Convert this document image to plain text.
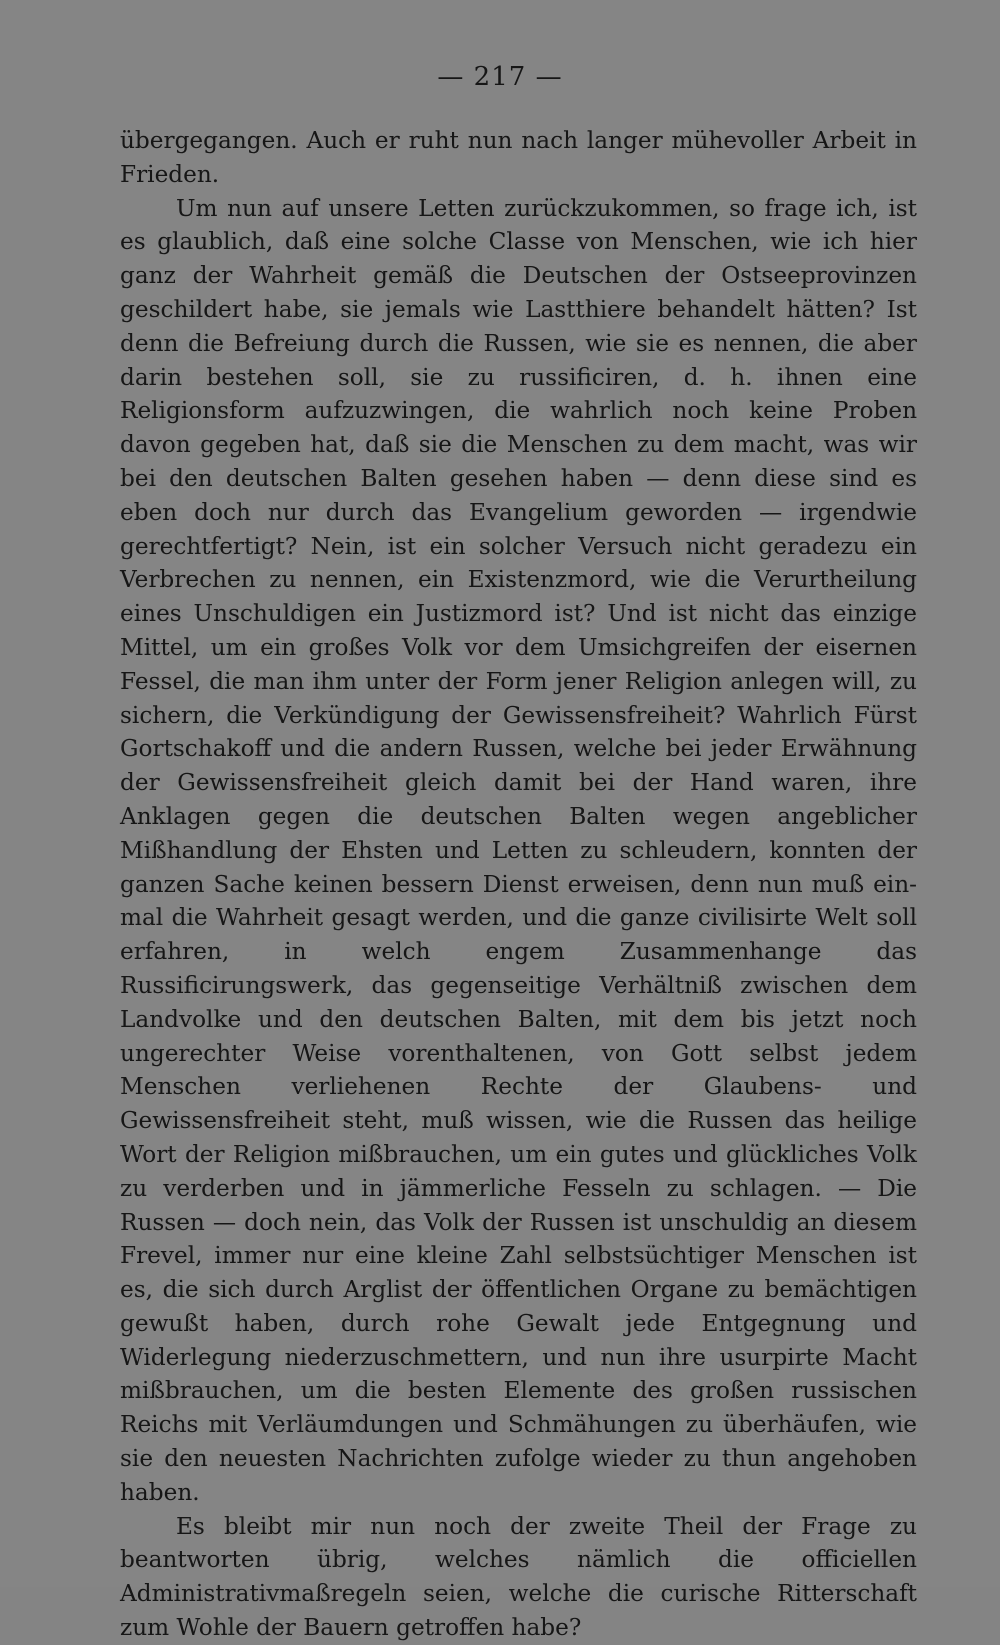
— 217 —

übergegangen. Auch er ruht nun nach langer mühevoller Arbeit in Frieden.

Um nun auf unsere Letten zurückzukommen, so frage ich, ist es glaublich, daß eine solche Classe von Menschen, wie ich hier ganz der Wahrheit gemäß die Deutschen der Ostseeprovinzen geschildert habe, sie jemals wie Lastthiere behandelt hätten? Ist denn die Befreiung durch die Russen, wie sie es nennen, die aber darin bestehen soll, sie zu russificiren, d. h. ihnen eine Religionsform aufzuzwingen, die wahrlich noch keine Proben davon gegeben hat, daß sie die Menschen zu dem macht, was wir bei den deutschen Balten gesehen haben — denn diese sind es eben doch nur durch das Evangelium geworden — irgendwie gerechtfertigt? Nein, ist ein solcher Versuch nicht geradezu ein Verbrechen zu nennen, ein Existenzmord, wie die Verurtheilung eines Unschuldigen ein Justizmord ist? Und ist nicht das einzige Mittel, um ein großes Volk vor dem Umsichgreifen der eisernen Fessel, die man ihm unter der Form jener Religion anlegen will, zu sichern, die Verkündigung der Gewissensfreiheit? Wahrlich Fürst Gortschakoff und die andern Russen, welche bei jeder Erwähnung der Gewissensfreiheit gleich damit bei der Hand waren, ihre Anklagen gegen die deutschen Balten wegen angeblicher Mißhandlung der Ehsten und Letten zu schleudern, konnten der ganzen Sache keinen bessern Dienst erweisen, denn nun muß einmal die Wahrheit gesagt werden, und die ganze civilisirte Welt soll erfahren, in welch engem Zusammenhange das Russificirungswerk, das gegenseitige Verhältniß zwischen dem Landvolke und den deutschen Balten, mit dem bis jetzt noch ungerechter Weise vorenthaltenen, von Gott selbst jedem Menschen verliehenen Rechte der Glaubens- und Gewissensfreiheit steht, muß wissen, wie die Russen das heilige Wort der Religion mißbrauchen, um ein gutes und glückliches Volk zu verderben und in jämmerliche Fesseln zu schlagen. — Die Russen — doch nein, das Volk der Russen ist unschuldig an diesem Frevel, immer nur eine kleine Zahl selbstsüchtiger Menschen ist es, die sich durch Arglist der öffentlichen Organe zu bemächtigen gewußt haben, durch rohe Gewalt jede Entgegnung und Widerlegung niederzuschmettern, und nun ihre usurpirte Macht mißbrauchen, um die besten Elemente des großen russischen Reichs mit Verläumdungen und Schmähungen zu überhäufen, wie sie den neuesten Nachrichten zufolge wieder zu thun angehoben haben.

Es bleibt mir nun noch der zweite Theil der Frage zu beantworten übrig, welches nämlich die officiellen Administrativmaßregeln seien, welche die curische Ritterschaft zum Wohle der Bauern getroffen habe?
